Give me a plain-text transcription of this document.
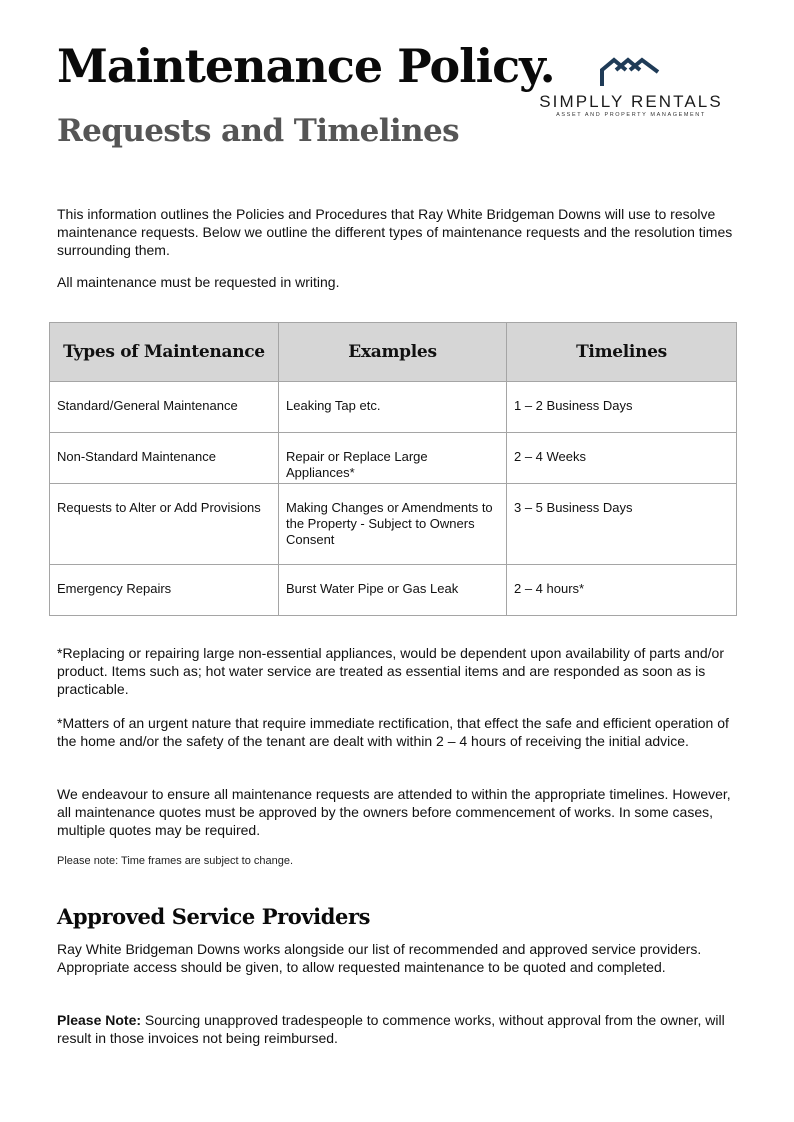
Maintenance Policy.
Requests and Timelines
SIMPLLY RENTALS
ASSET AND PROPERTY MANAGEMENT

This information outlines the Policies and Procedures that Ray White Bridgeman Downs will use to resolve maintenance requests. Below we outline the different types of maintenance requests and the resolution times surrounding them.

All maintenance must be requested in writing.

Types of Maintenance	Examples	Timelines
Standard/General Maintenance	Leaking Tap etc.	1 – 2 Business Days
Non-Standard Maintenance	Repair or Replace Large Appliances*	2 – 4 Weeks
Requests to Alter or Add Provisions	Making Changes or Amendments to the Property - Subject to Owners Consent	3 – 5 Business Days
Emergency Repairs	Burst Water Pipe or Gas Leak	2 – 4 hours*

*Replacing or repairing large non-essential appliances, would be dependent upon availability of parts and/or product. Items such as; hot water service are treated as essential items and are responded as soon as is practicable.

*Matters of an urgent nature that require immediate rectification, that effect the safe and efficient operation of the home and/or the safety of the tenant are dealt with within 2 – 4 hours of receiving the initial advice.

We endeavour to ensure all maintenance requests are attended to within the appropriate timelines. However, all maintenance quotes must be approved by the owners before commencement of works. In some cases, multiple quotes may be required.

Please note: Time frames are subject to change.

Approved Service Providers

Ray White Bridgeman Downs works alongside our list of recommended and approved service providers. Appropriate access should be given, to allow requested maintenance to be quoted and completed.

Please Note: Sourcing unapproved tradespeople to commence works, without approval from the owner, will result in those invoices not being reimbursed.
